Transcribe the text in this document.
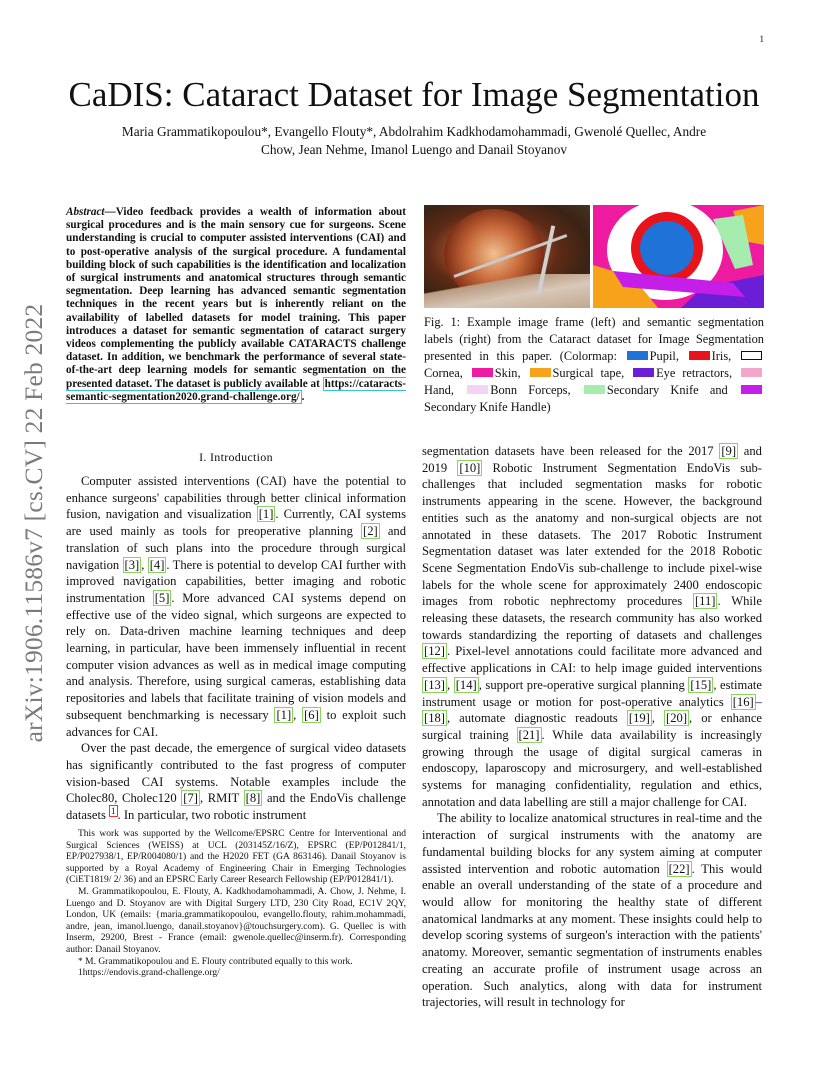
1
arXiv:1906.11586v7 [cs.CV] 22 Feb 2022
CaDIS: Cataract Dataset for Image Segmentation
Maria Grammatikopoulou*, Evangello Flouty*, Abdolrahim Kadkhodamohammadi, Gwenolé Quellec, Andre
Chow, Jean Nehme, Imanol Luengo and Danail Stoyanov

Abstract—Video feedback provides a wealth of information about surgical procedures and is the main sensory cue for surgeons. Scene understanding is crucial to computer assisted interventions (CAI) and to post-operative analysis of the surgical procedure. A fundamental building block of such capabilities is the identification and localization of surgical instruments and anatomical structures through semantic segmentation. Deep learning has advanced semantic segmentation techniques in the recent years but is inherently reliant on the availability of labelled datasets for model training. This paper introduces a dataset for semantic segmentation of cataract surgery videos complementing the publicly available CATARACTS challenge dataset. In addition, we benchmark the performance of several state-of-the-art deep learning models for semantic segmentation on the presented dataset. The dataset is publicly available at https://cataracts-semantic-segmentation2020.grand-challenge.org/ .

Fig. 1: Example image frame (left) and semantic segmentation labels (right) from the Cataract dataset for Image Segmentation presented in this paper. (Colormap:	Pupil,	Iris, Cornea,	Skin,	Surgical tape,	Eye retractors, Hand,	Bonn Forceps,	Secondary Knife and  Secondary Knife Handle)
I. Introduction

Computer assisted interventions (CAI) have the potential to enhance surgeons' capabilities through better clinical information fusion, navigation and visualization [1] . Currently, CAI systems are used mainly as tools for preoperative planning [2] and translation of such plans into the procedure through surgical navigation [3] , [4] . There is potential to develop CAI further with improved navigation capabilities, better imaging and robotic instrumentation [5] . More advanced CAI systems depend on effective use of the video signal, which surgeons are expected to rely on. Data-driven machine learning techniques and deep learning, in particular, have been immensely influential in recent computer vision advances as well as in medical image computing and analysis. Therefore, using surgical cameras, establishing data repositories and labels that facilitate training of vision models and subsequent benchmarking is necessary [1] , [6] to exploit such advances for CAI.

Over the past decade, the emergence of surgical video datasets has significantly contributed to the fast progress of computer vision-based CAI systems. Notable examples include the Cholec80, Cholec120 [7] , RMIT [8] and the EndoVis challenge datasets $^1$ . In particular, two robotic instrument

This work was supported by the Wellcome/EPSRC Centre for Interventional and Surgical Sciences (WEISS) at UCL (203145Z/16/Z), EPSRC (EP/P012841/1, EP/P027938/1, EP/R004080/1) and the H2020 FET (GA 863146). Danail Stoyanov is supported by a Royal Academy of Engineering Chair in Emerging Technologies (CiET1819/ 2/ 36) and an EPSRC Early Career Research Fellowship (EP/P012841/1).

M. Grammatikopoulou, E. Flouty, A. Kadkhodamohammadi, A. Chow, J. Nehme, I. Luengo and D. Stoyanov are with Digital Surgery LTD, 230 City Road, EC1V 2QY, London, UK (emails: {maria.grammatikopoulou, evangello.flouty, rahim.mohammadi, andre, jean, imanol.luengo, danail.stoyanov}@touchsurgery.com). G. Quellec is with Inserm, 29200, Brest - France (email: gwenole.quellec@inserm.fr). Corresponding author: Danail Stoyanov.

* M. Grammatikopoulou and E. Flouty contributed equally to this work.

1https://endovis.grand-challenge.org/

segmentation datasets have been released for the 2017 [9] and 2019 [10] Robotic Instrument Segmentation EndoVis sub-challenges that included segmentation masks for robotic instruments appearing in the scene. However, the background entities such as the anatomy and non-surgical objects are not annotated in these datasets. The 2017 Robotic Instrument Segmentation dataset was later extended for the 2018 Robotic Scene Segmentation EndoVis sub-challenge to include pixel-wise labels for the whole scene for approximately 2400 endoscopic images from robotic nephrectomy procedures [11] . While releasing these datasets, the research community has also worked towards standardizing the reporting of datasets and challenges [12] . Pixel-level annotations could facilitate more advanced and effective applications in CAI: to help image guided interventions [13] , [14] , support pre-operative surgical planning [15] , estimate instrument usage or motion for post-operative analytics [16] –[18] , automate diagnostic readouts [19] , [20] , or enhance surgical training [21] . While data availability is increasingly growing through the usage of digital surgical cameras in endoscopy, laparoscopy and microsurgery, and well-established systems for managing confidentiality, regulation and ethics, annotation and data labelling are still a major challenge for CAI.

The ability to localize anatomical structures in real-time and the interaction of surgical instruments with the anatomy are fundamental building blocks for any system aiming at computer assisted intervention and robotic automation [22] . This would enable an overall understanding of the state of a procedure and would allow for monitoring the healthy state of different anatomical landmarks at any moment. These insights could help to develop scoring systems of surgeon's interaction with the patients' anatomy. Moreover, semantic segmentation of instruments enables creating an accurate profile of instrument usage across an operation. Such analytics, along with data for instrument trajectories, will result in technology for
